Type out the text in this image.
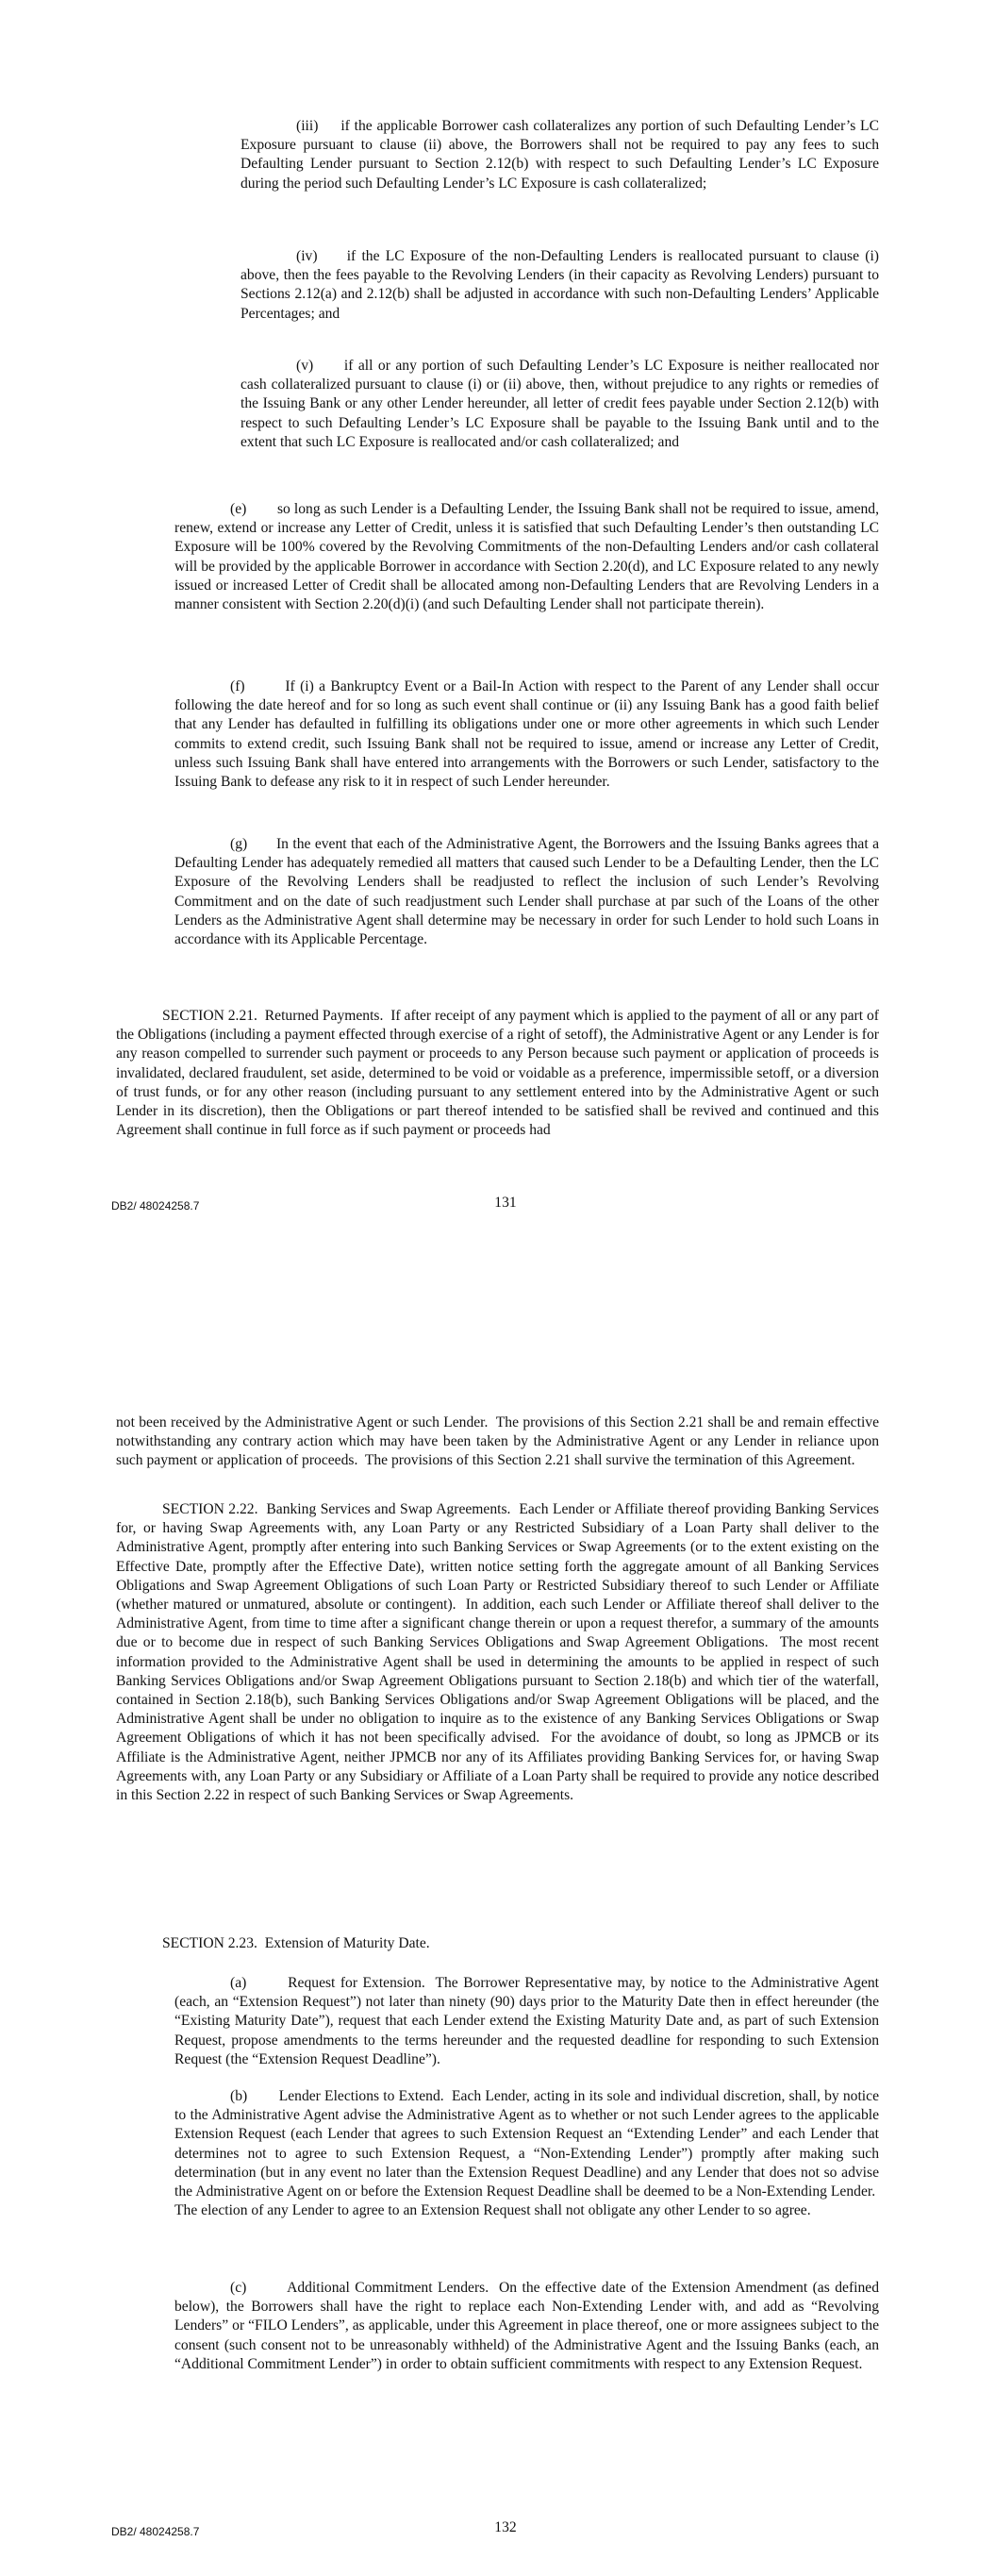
(iii)     if the applicable Borrower cash collateralizes any portion of such Defaulting Lender’s LC Exposure pursuant to clause (ii) above, the Borrowers shall not be required to pay any fees to such Defaulting Lender pursuant to Section 2.12(b) with respect to such Defaulting Lender’s LC Exposure during the period such Defaulting Lender’s LC Exposure is cash collateralized;

(iv)     if the LC Exposure of the non-Defaulting Lenders is reallocated pursuant to clause (i) above, then the fees payable to the Revolving Lenders (in their capacity as Revolving Lenders) pursuant to Sections 2.12(a) and 2.12(b) shall be adjusted in accordance with such non-Defaulting Lenders’ Applicable Percentages; and

(v)      if all or any portion of such Defaulting Lender’s LC Exposure is neither reallocated nor cash collateralized pursuant to clause (i) or (ii) above, then, without prejudice to any rights or remedies of the Issuing Bank or any other Lender hereunder, all letter of credit fees payable under Section 2.12(b) with respect to such Defaulting Lender’s LC Exposure shall be payable to the Issuing Bank until and to the extent that such LC Exposure is reallocated and/or cash collateralized; and

(e)        so long as such Lender is a Defaulting Lender, the Issuing Bank shall not be required to issue, amend, renew, extend or increase any Letter of Credit, unless it is satisfied that such Defaulting Lender’s then outstanding LC Exposure will be 100% covered by the Revolving Commitments of the non-Defaulting Lenders and/or cash collateral will be provided by the applicable Borrower in accordance with Section 2.20(d), and LC Exposure related to any newly issued or increased Letter of Credit shall be allocated among non-Defaulting Lenders that are Revolving Lenders in a manner consistent with Section 2.20(d)(i) (and such Defaulting Lender shall not participate therein).

(f)        If (i) a Bankruptcy Event or a Bail-In Action with respect to the Parent of any Lender shall occur following the date hereof and for so long as such event shall continue or (ii) any Issuing Bank has a good faith belief that any Lender has defaulted in fulfilling its obligations under one or more other agreements in which such Lender commits to extend credit, such Issuing Bank shall not be required to issue, amend or increase any Letter of Credit, unless such Issuing Bank shall have entered into arrangements with the Borrowers or such Lender, satisfactory to the Issuing Bank to defease any risk to it in respect of such Lender hereunder.

(g)       In the event that each of the Administrative Agent, the Borrowers and the Issuing Banks agrees that a Defaulting Lender has adequately remedied all matters that caused such Lender to be a Defaulting Lender, then the LC Exposure of the Revolving Lenders shall be readjusted to reflect the inclusion of such Lender’s Revolving Commitment and on the date of such readjustment such Lender shall purchase at par such of the Loans of the other Lenders as the Administrative Agent shall determine may be necessary in order for such Lender to hold such Loans in accordance with its Applicable Percentage.

SECTION 2.21.  Returned Payments.  If after receipt of any payment which is applied to the payment of all or any part of the Obligations (including a payment effected through exercise of a right of setoff), the Administrative Agent or any Lender is for any reason compelled to surrender such payment or proceeds to any Person because such payment or application of proceeds is invalidated, declared fraudulent, set aside, determined to be void or voidable as a preference, impermissible setoff, or a diversion of trust funds, or for any other reason (including pursuant to any settlement entered into by the Administrative Agent or such Lender in its discretion), then the Obligations or part thereof intended to be satisfied shall be revived and continued and this Agreement shall continue in full force as if such payment or proceeds had

DB2/ 48024258.7	131

not been received by the Administrative Agent or such Lender.  The provisions of this Section 2.21 shall be and remain effective notwithstanding any contrary action which may have been taken by the Administrative Agent or any Lender in reliance upon such payment or application of proceeds.  The provisions of this Section 2.21 shall survive the termination of this Agreement.

SECTION 2.22.  Banking Services and Swap Agreements.  Each Lender or Affiliate thereof providing Banking Services for, or having Swap Agreements with, any Loan Party or any Restricted Subsidiary of a Loan Party shall deliver to the Administrative Agent, promptly after entering into such Banking Services or Swap Agreements (or to the extent existing on the Effective Date, promptly after the Effective Date), written notice setting forth the aggregate amount of all Banking Services Obligations and Swap Agreement Obligations of such Loan Party or Restricted Subsidiary thereof to such Lender or Affiliate (whether matured or unmatured, absolute or contingent).  In addition, each such Lender or Affiliate thereof shall deliver to the Administrative Agent, from time to time after a significant change therein or upon a request therefor, a summary of the amounts due or to become due in respect of such Banking Services Obligations and Swap Agreement Obligations.  The most recent information provided to the Administrative Agent shall be used in determining the amounts to be applied in respect of such Banking Services Obligations and/or Swap Agreement Obligations pursuant to Section 2.18(b) and which tier of the waterfall, contained in Section 2.18(b), such Banking Services Obligations and/or Swap Agreement Obligations will be placed, and the Administrative Agent shall be under no obligation to inquire as to the existence of any Banking Services Obligations or Swap Agreement Obligations of which it has not been specifically advised.  For the avoidance of doubt, so long as JPMCB or its Affiliate is the Administrative Agent, neither JPMCB nor any of its Affiliates providing Banking Services for, or having Swap Agreements with, any Loan Party or any Subsidiary or Affiliate of a Loan Party shall be required to provide any notice described in this Section 2.22 in respect of such Banking Services or Swap Agreements.

SECTION 2.23.  Extension of Maturity Date.

(a)        Request for Extension.  The Borrower Representative may, by notice to the Administrative Agent (each, an “Extension Request”) not later than ninety (90) days prior to the Maturity Date then in effect hereunder (the “Existing Maturity Date”), request that each Lender extend the Existing Maturity Date and, as part of such Extension Request, propose amendments to the terms hereunder and the requested deadline for responding to such Extension Request (the “Extension Request Deadline”).

(b)        Lender Elections to Extend.  Each Lender, acting in its sole and individual discretion, shall, by notice to the Administrative Agent advise the Administrative Agent as to whether or not such Lender agrees to the applicable Extension Request (each Lender that agrees to such Extension Request an “Extending Lender” and each Lender that determines not to agree to such Extension Request, a “Non-Extending Lender”) promptly after making such determination (but in any event no later than the Extension Request Deadline) and any Lender that does not so advise the Administrative Agent on or before the Extension Request Deadline shall be deemed to be a Non-Extending Lender.  The election of any Lender to agree to an Extension Request shall not obligate any other Lender to so agree.

(c)        Additional Commitment Lenders.  On the effective date of the Extension Amendment (as defined below), the Borrowers shall have the right to replace each Non-Extending Lender with, and add as “Revolving Lenders” or “FILO Lenders”, as applicable, under this Agreement in place thereof, one or more assignees subject to the consent (such consent not to be unreasonably withheld) of the Administrative Agent and the Issuing Banks (each, an “Additional Commitment Lender”) in order to obtain sufficient commitments with respect to any Extension Request.

DB2/ 48024258.7	132
